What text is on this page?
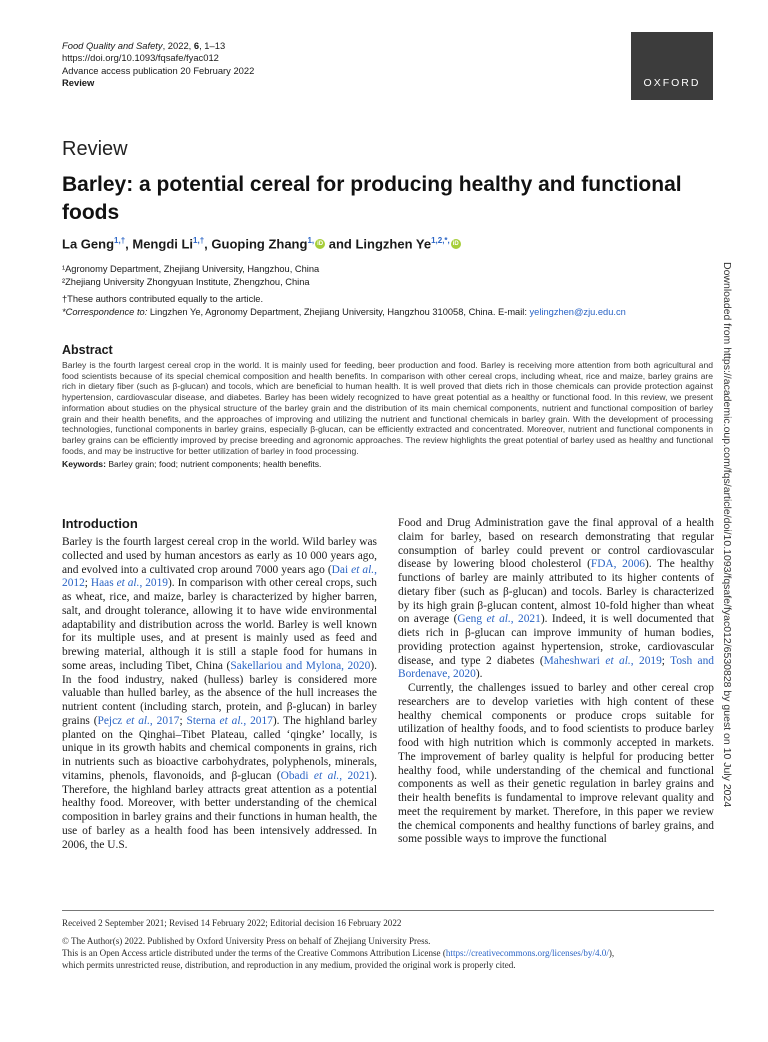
Food Quality and Safety, 2022, 6, 1–13
https://doi.org/10.1093/fqsafe/fyac012
Advance access publication 20 February 2022
Review	OXFORD
Downloaded from https://academic.oup.com/fqs/article/doi/10.1093/fqsafe/fyac012/6530828 by guest on 10 July 2024
Review
Barley: a potential cereal for producing healthy and functional foods
La Geng$^{1,\dagger}$, Mengdi $Li^{1,\dagger}$, Guoping Zhang$^{1,}$ iD and Lingzhen $Ye^{1,2,*,}$ iD
¹Agronomy Department, Zhejiang University, Hangzhou, China
²Zhejiang University Zhongyuan Institute, Zhengzhou, China
†These authors contributed equally to the article.
*Correspondence to: Lingzhen Ye, Agronomy Department, Zhejiang University, Hangzhou 310058, China. E-mail: yelingzhen@zju.edu.cn
Abstract

Barley is the fourth largest cereal crop in the world. It is mainly used for feeding, beer production and food. Barley is receiving more attention from both agricultural and food scientists because of its special chemical composition and health benefits. In comparison with other cereal crops, including wheat, rice and maize, barley grains are rich in dietary fiber (such as β-glucan) and tocols, which are beneficial to human health. It is well proved that diets rich in those chemicals can provide protection against hypertension, cardiovascular disease, and diabetes. Barley has been widely recognized to have great potential as a healthy or functional food. In this review, we present information about studies on the physical structure of the barley grain and the distribution of its main chemical components, nutrient and functional composition of barley grain and their health benefits, and the approaches of improving and utilizing the nutrient and functional chemicals in barley grain. With the development of processing technologies, functional components in barley grains, especially β-glucan, can be efficiently extracted and concentrated. Moreover, nutrient and functional components in barley grains can be efficiently improved by precise breeding and agronomic approaches. The review highlights the great potential of barley used as healthy and functional foods, and may be instructive for better utilization of barley in food processing.

Keywords: Barley grain; food; nutrient components; health benefits.

Introduction

Barley is the fourth largest cereal crop in the world. Wild barley was collected and used by human ancestors as early as 10 000 years ago, and evolved into a cultivated crop around 7000 years ago (Dai et al., 2012; Haas et al., 2019). In comparison with other cereal crops, such as wheat, rice, and maize, barley is characterized by higher barren, salt, and drought tolerance, allowing it to have wide environmental adaptability and distribution across the world. Barley is well known for its multiple uses, and at present is mainly used as feed and brewing material, although it is still a staple food for humans in some areas, including Tibet, China (Sakellariou and Mylona, 2020). In the food industry, naked (hulless) barley is considered more valuable than hulled barley, as the absence of the hull increases the nutrient content (including starch, protein, and β-glucan) in barley grains (Pejcz et al., 2017; Sterna et al., 2017). The highland barley planted on the Qinghai–Tibet Plateau, called ‘qingke’ locally, is unique in its growth habits and chemical components in grains, rich in nutrients such as bioactive carbohydrates, polyphenols, minerals, vitamins, phenols, flavonoids, and β-glucan (Obadi et al., 2021). Therefore, the highland barley attracts great attention as a potential healthy food. Moreover, with better understanding of the chemical composition in barley grains and their functions in human health, the use of barley as a health food has been intensively addressed. In 2006, the U.S.

Food and Drug Administration gave the final approval of a health claim for barley, based on research demonstrating that regular consumption of barley could prevent or control cardiovascular disease by lowering blood cholesterol (FDA, 2006). The healthy functions of barley are mainly attributed to its higher contents of dietary fiber (such as β-glucan) and tocols. Barley is characterized by its high grain β-glucan content, almost 10-fold higher than wheat on average (Geng et al., 2021). Indeed, it is well documented that diets rich in β-glucan can improve immunity of human bodies, providing protection against hypertension, stroke, cardiovascular disease, and type 2 diabetes (Maheshwari et al., 2019; Tosh and Bordenave, 2020).

Currently, the challenges issued to barley and other cereal crop researchers are to develop varieties with high content of these healthy chemical components or produce crops suitable for utilization of healthy foods, and to food scientists to produce barley food with high nutrition which is commonly accepted in markets. The improvement of barley quality is helpful for producing better healthy food, while understanding of the chemical and functional components as well as their genetic regulation in barley grains and their health benefits is fundamental to improve relevant quality and meet the requirement by market. Therefore, in this paper we review the chemical components and healthy functions of barley grains, and some possible ways to improve the functional

Received 2 September 2021; Revised 14 February 2022; Editorial decision 16 February 2022
© The Author(s) 2022. Published by Oxford University Press on behalf of Zhejiang University Press.
This is an Open Access article distributed under the terms of the Creative Commons Attribution License (https://creativecommons.org/licenses/by/4.0/),
which permits unrestricted reuse, distribution, and reproduction in any medium, provided the original work is properly cited.
